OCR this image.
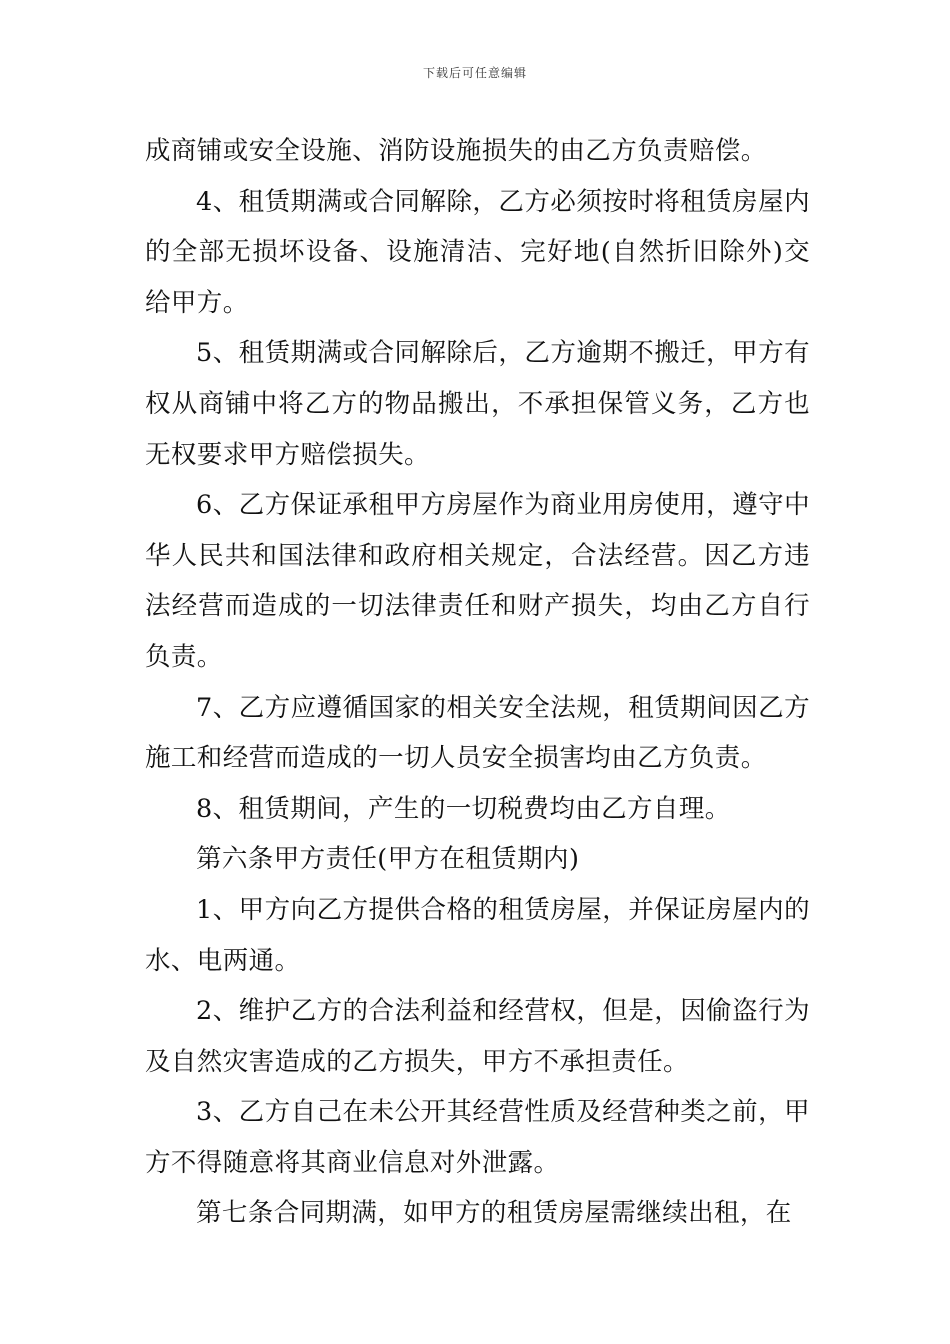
下载后可任意编辑

成商铺或安全设施、消防设施损失的由乙方负责赔偿。

4、租赁期满或合同解除，乙方必须按时将租赁房屋内的全部无损坏设备、设施清洁、完好地(自然折旧除外)交给甲方。

5、租赁期满或合同解除后，乙方逾期不搬迁，甲方有权从商铺中将乙方的物品搬出，不承担保管义务，乙方也无权要求甲方赔偿损失。

6、乙方保证承租甲方房屋作为商业用房使用，遵守中华人民共和国法律和政府相关规定，合法经营。因乙方违法经营而造成的一切法律责任和财产损失，均由乙方自行负责。

7、乙方应遵循国家的相关安全法规，租赁期间因乙方施工和经营而造成的一切人员安全损害均由乙方负责。

8、租赁期间，产生的一切税费均由乙方自理。

第六条甲方责任(甲方在租赁期内)

1、甲方向乙方提供合格的租赁房屋，并保证房屋内的水、电两通。

2、维护乙方的合法利益和经营权，但是，因偷盗行为及自然灾害造成的乙方损失，甲方不承担责任。

3、乙方自己在未公开其经营性质及经营种类之前，甲方不得随意将其商业信息对外泄露。

第七条合同期满，如甲方的租赁房屋需继续出租，在
